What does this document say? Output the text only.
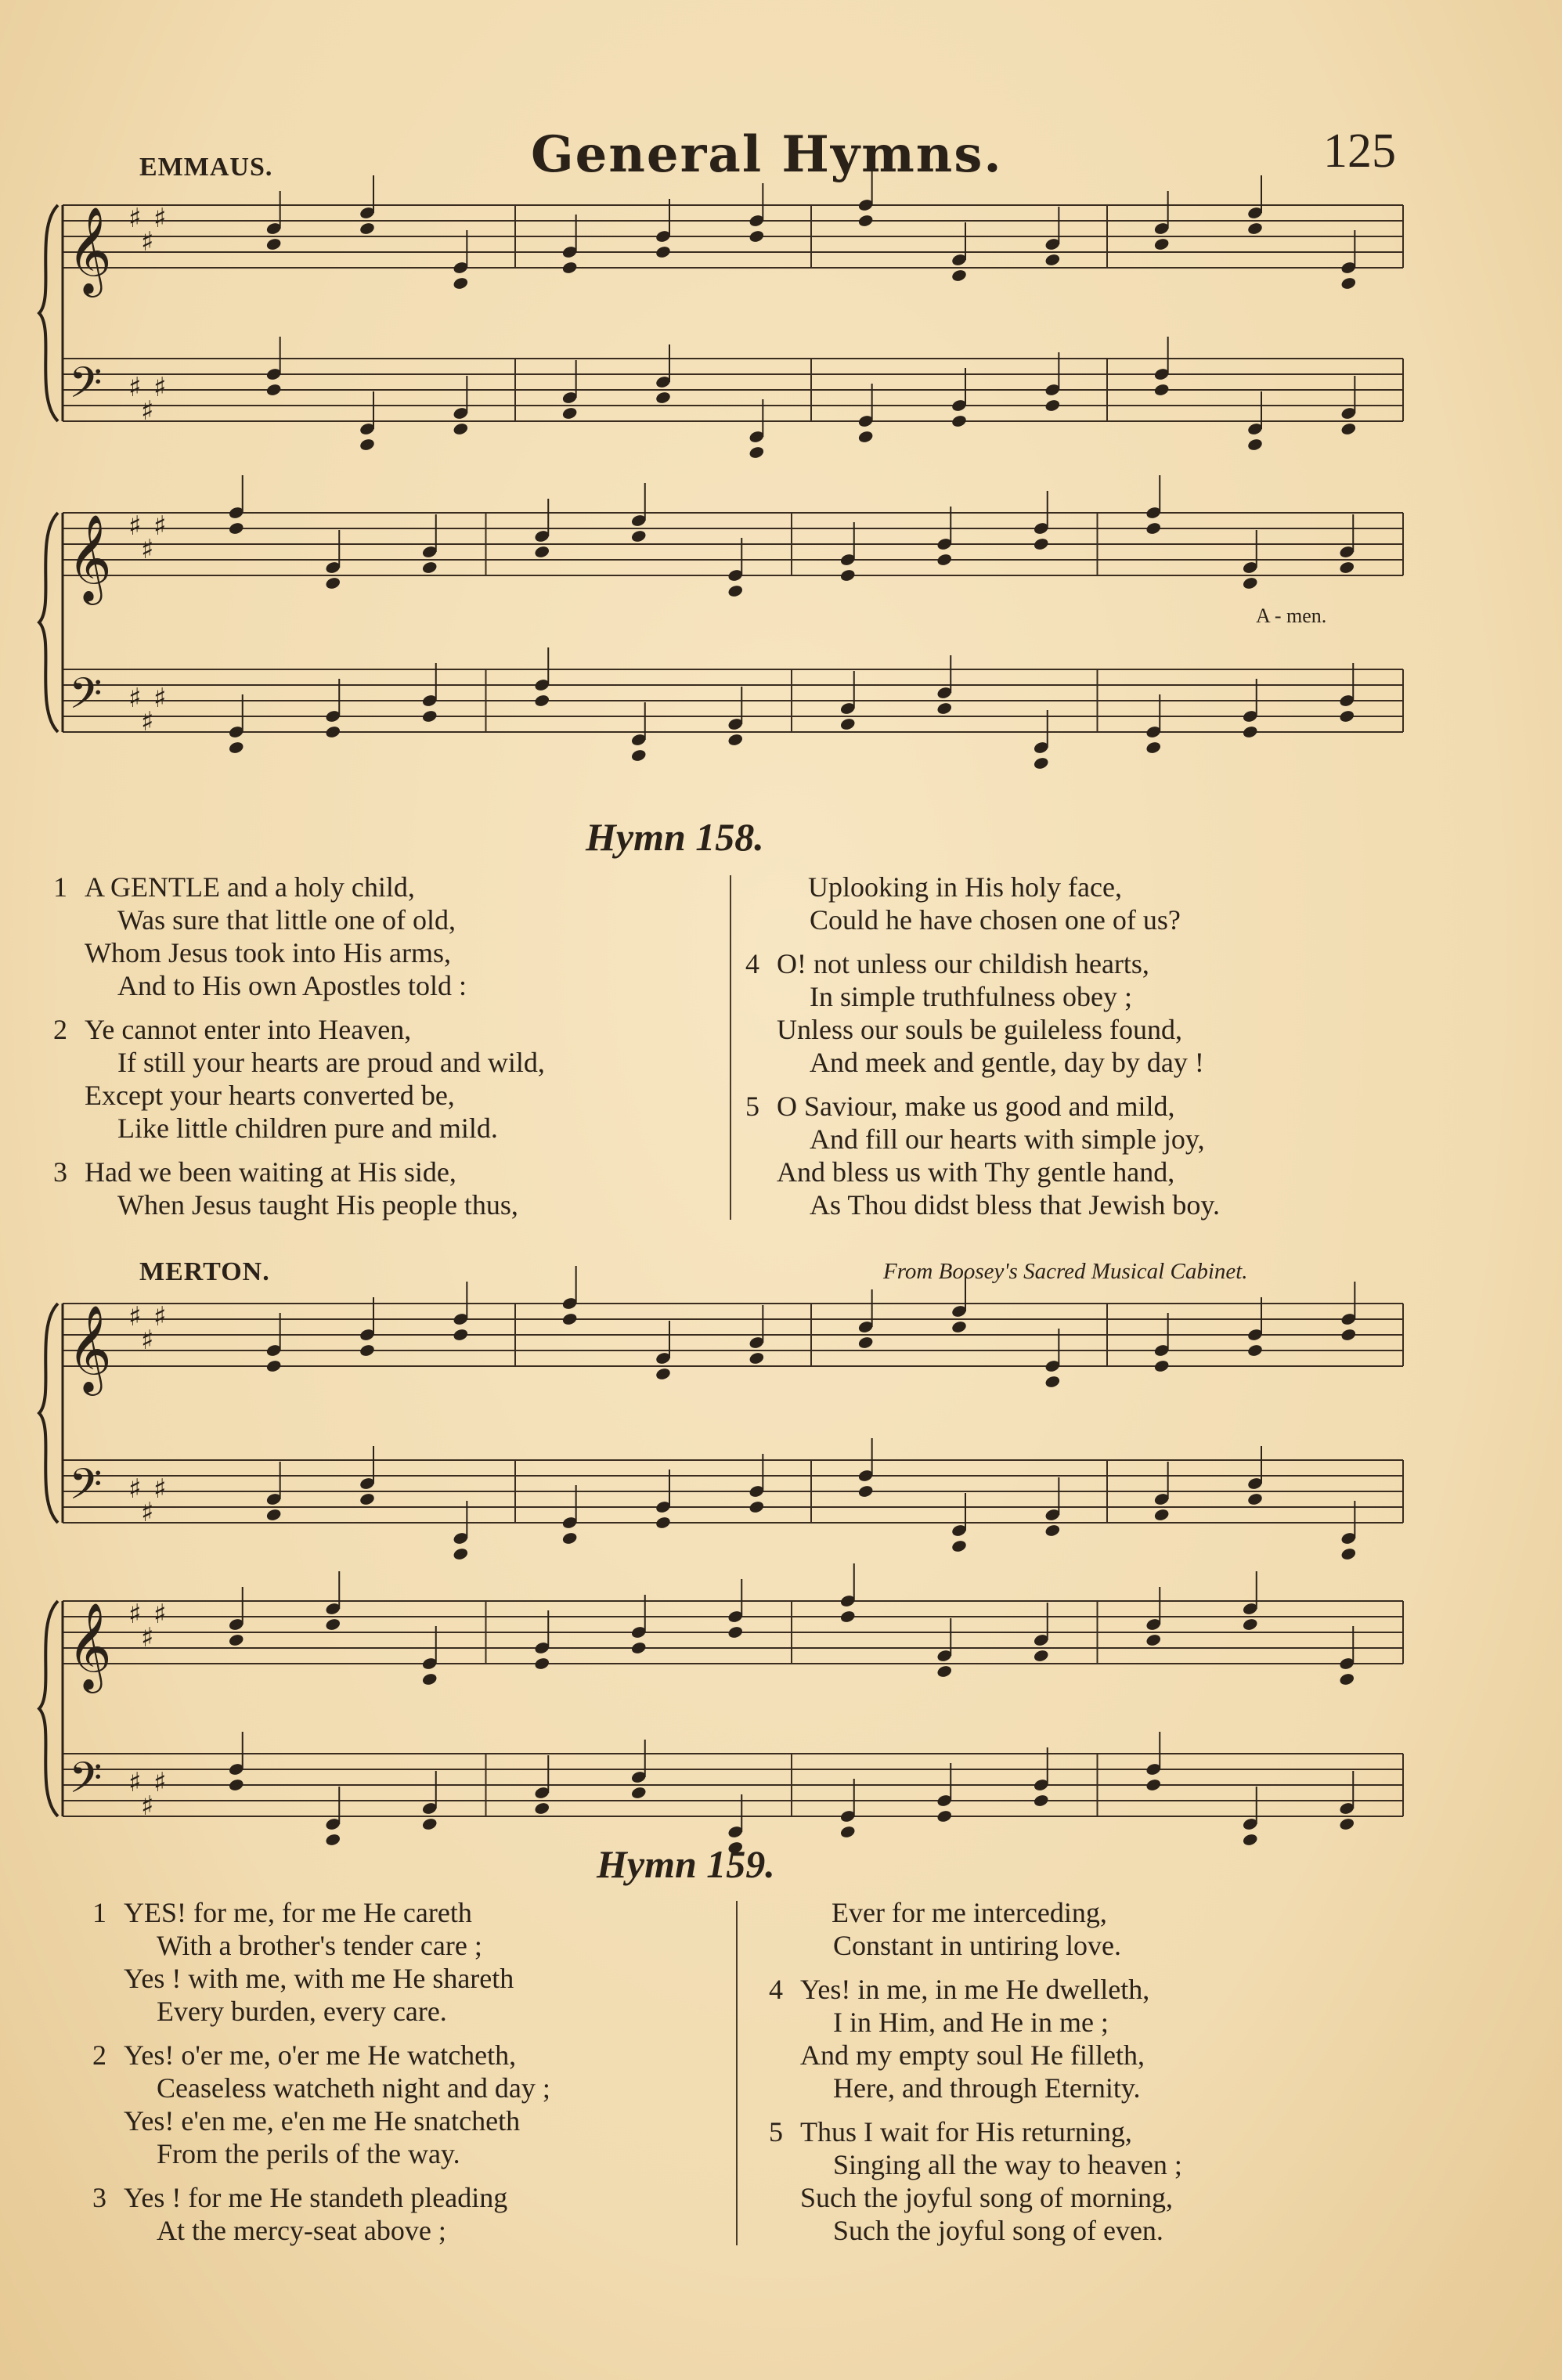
EMMAUS.	General Hymns.	125
𝄞
𝄢
♯
♯
♯
♯
♯
♯
𝄞
𝄢
♯
♯
♯
♯
♯
♯
𝄞
𝄢
♯
♯
♯
♯
♯
♯
𝄞
𝄢
♯
♯
♯
♯
♯
♯
A - men.
Hymn 158.
1 A GENTLE and a holy child,
Was sure that little one of old,
Whom Jesus took into His arms,
And to His own Apostles told :
2 Ye cannot enter into Heaven,
If still your hearts are proud and wild,
Except your hearts converted be,
Like little children pure and mild.
3 Had we been waiting at His side,
When Jesus taught His people thus,
Uplooking in His holy face,
Could he have chosen one of us?
4 O! not unless our childish hearts,
In simple truthfulness obey ;
Unless our souls be guileless found,
And meek and gentle, day by day !
5 O Saviour, make us good and mild,
And fill our hearts with simple joy,
And bless us with Thy gentle hand,
As Thou didst bless that Jewish boy.
MERTON.	From Boosey's Sacred Musical Cabinet.
Hymn 159.
1 YES! for me, for me He careth
With a brother's tender care ;
Yes ! with me, with me He shareth
Every burden, every care.
2 Yes! o'er me, o'er me He watcheth,
Ceaseless watcheth night and day ;
Yes! e'en me, e'en me He snatcheth
From the perils of the way.
3 Yes ! for me He standeth pleading
At the mercy-seat above ;
Ever for me interceding,
Constant in untiring love.
4 Yes! in me, in me He dwelleth,
I in Him, and He in me ;
And my empty soul He filleth,
Here, and through Eternity.
5 Thus I wait for His returning,
Singing all the way to heaven ;
Such the joyful song of morning,
Such the joyful song of even.
